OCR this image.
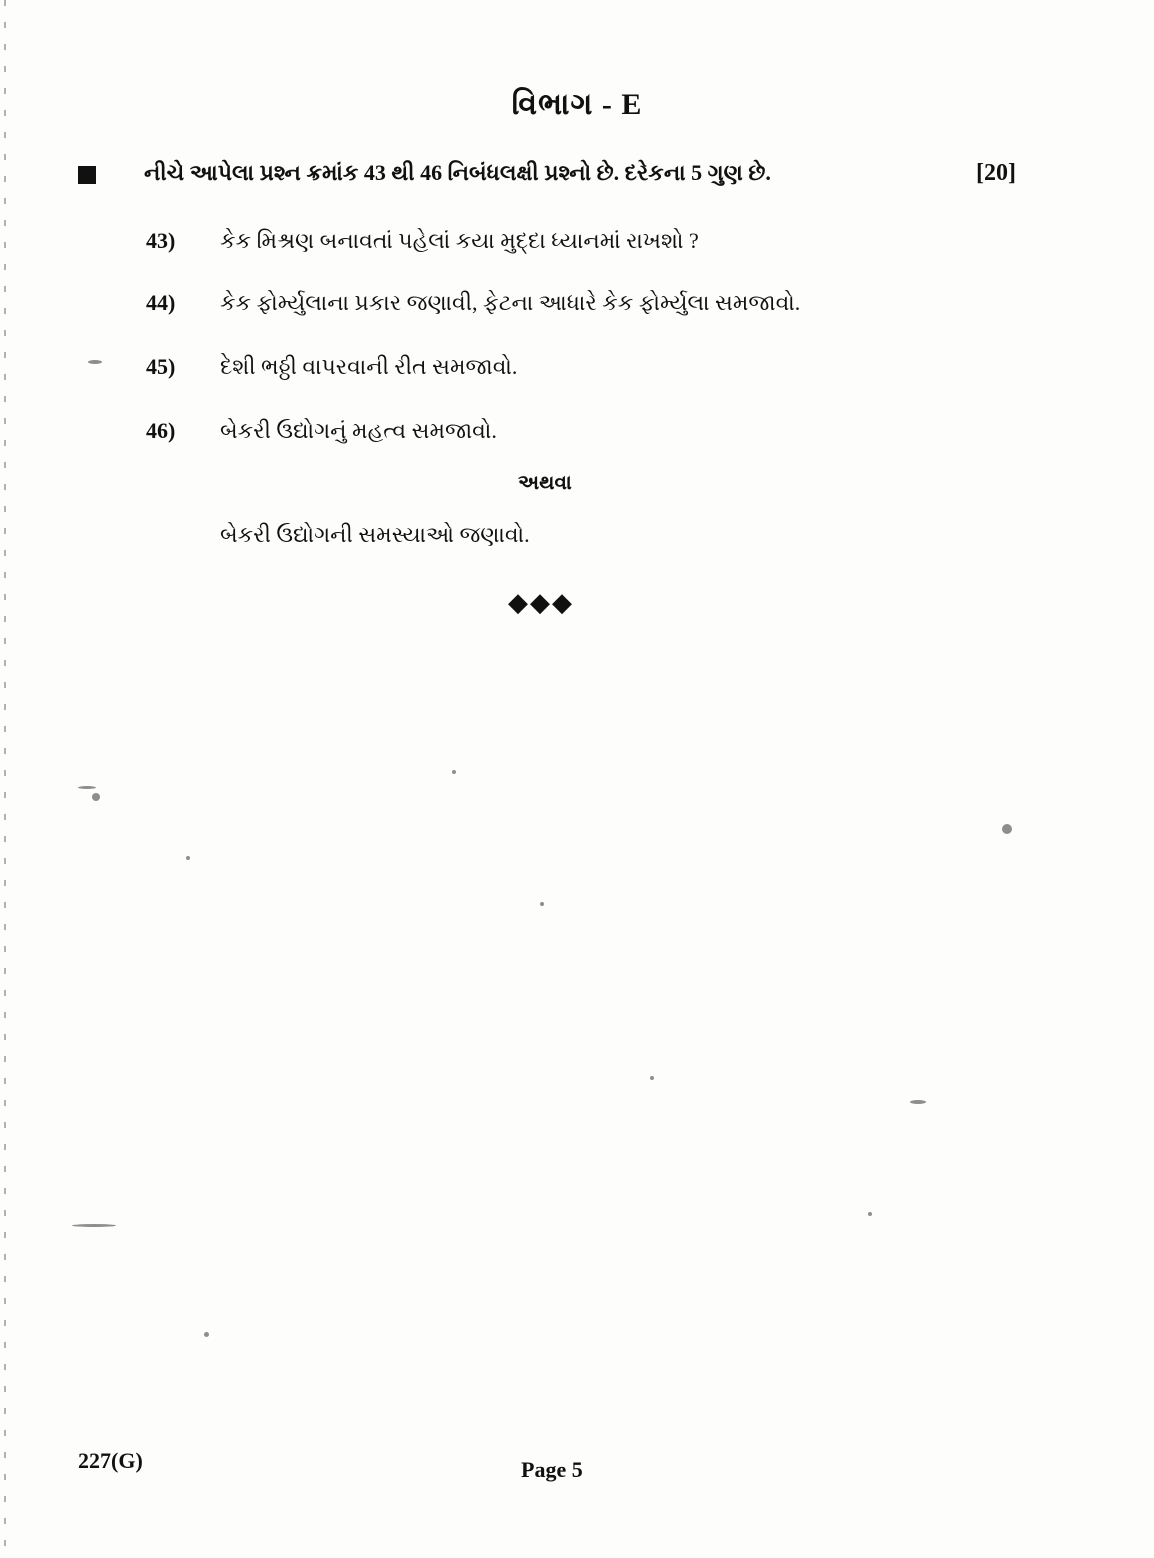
વિભાગ - E
નીચે આપેલા પ્રશ્ન ક્રમાંક 43 થી 46 નિબંધલક્ષી પ્રશ્નો છે. દરેકના 5 ગુણ છે.	[20]
43) કેક મિશ્રણ બનાવતાં પહેલાં કયા મુદ્દા ધ્યાનમાં રાખશો ?
44) કેક ફોર્મ્યુલાના પ્રકાર જણાવી, ફેટના આધારે કેક ફોર્મ્યુલા સમજાવો.
45) દેશી ભઠ્ઠી વાપરવાની રીત સમજાવો.
46) બેકરી ઉદ્યોગનું મહત્વ સમજાવો.
અથવા
બેકરી ઉદ્યોગની સમસ્યાઓ જણાવો.
◆◆◆
227(G)	Page 5
